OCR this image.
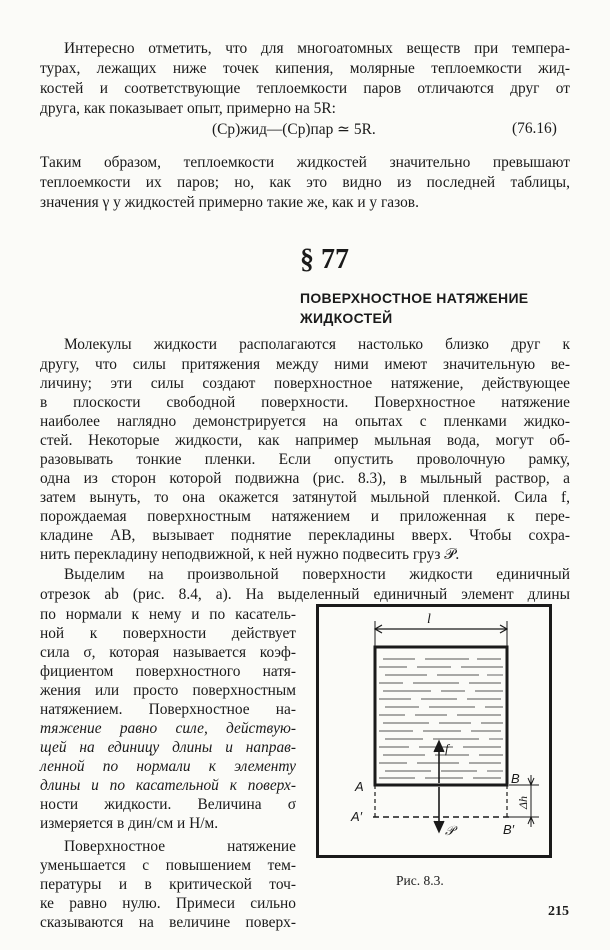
Интересно отметить, что для многоатомных веществ при темпера-
турах, лежащих ниже точек кипения, молярные теплоемкости жид-
костей и соответствующие теплоемкости паров отличаются друг от
друга, как показывает опыт, примерно на 5R:
(Cp)жид—(Cp)пар ≃ 5R.	(76.16)
Таким образом, теплоемкости жидкостей значительно превышают
теплоемкости их паров; но, как это видно из последней таблицы,
значения γ у жидкостей примерно такие же, как и у газов.
§ 77
ПОВЕРХНОСТНОЕ НАТЯЖЕНИЕ
ЖИДКОСТЕЙ
Молекулы жидкости располагаются настолько близко друг к
другу, что силы притяжения между ними имеют значительную ве-
личину; эти силы создают поверхностное натяжение, действующее
в плоскости свободной поверхности. Поверхностное натяжение
наиболее наглядно демонстрируется на опытах с пленками жидко-
стей. Некоторые жидкости, как например мыльная вода, могут об-
разовывать тонкие пленки. Если опустить проволочную рамку,
одна из сторон которой подвижна (рис. 8.3), в мыльный раствор, а
затем вынуть, то она окажется затянутой мыльной пленкой. Сила f,
порождаемая поверхностным натяжением и приложенная к пере-
кладине AB, вызывает поднятие перекладины вверх. Чтобы сохра-
нить перекладину неподвижной, к ней нужно подвесить груз 𝒫.
Выделим на произвольной поверхности жидкости единичный
отрезок ab (рис. 8.4, a). На выделенный единичный элемент длины
по нормали к нему и по касатель-
ной к поверхности действует
сила σ, которая называется коэф-
фициентом поверхностного натя-
жения или просто поверхностным
натяжением. Поверхностное на-
тяжение равно силе, действую-
щей на единицу длины и направ-
ленной по нормали к элементу
длины и по касательной к поверх-
ности жидкости. Величина σ
измеряется в дин/см и Н/м.
Поверхностное натяжение
уменьшается с повышением тем-
пературы и в критической точ-
ке равно нулю. Примеси сильно
сказываются на величине поверх-
l
f
𝒫
Δh
A
B
A′
B′
Рис. 8.3.
215
